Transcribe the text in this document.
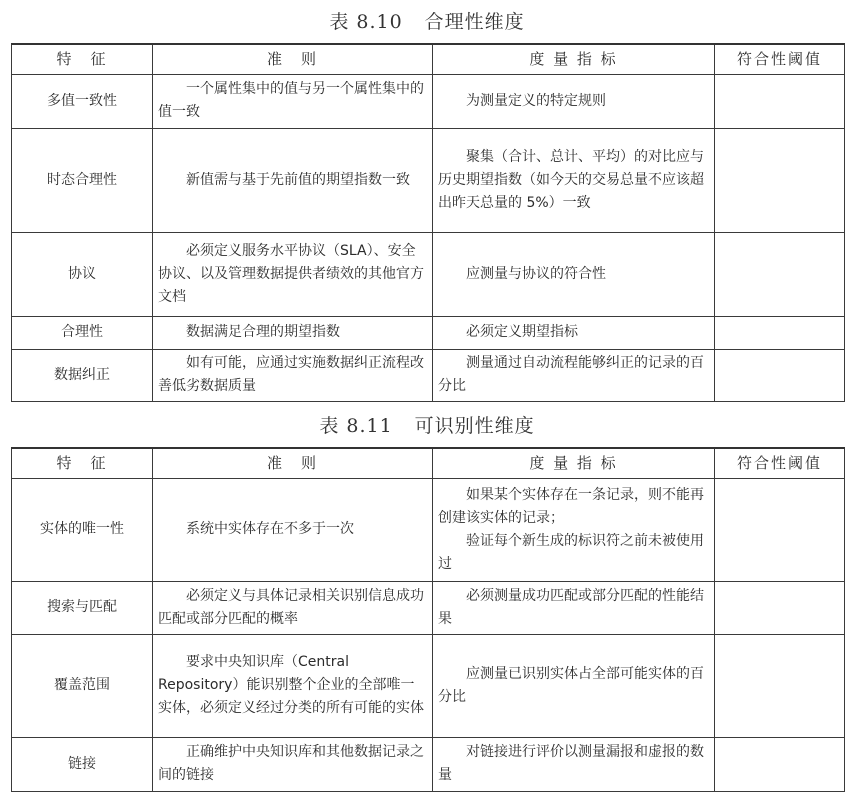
表 8.10 合理性维度
特　征	准　则	度 量 指 标	符合性阈值
多值一致性	一个属性集中的值与另一个属性集中的值一致	为测量定义的特定规则	
时态合理性	新值需与基于先前值的期望指数一致	聚集（合计、总计、平均）的对比应与历史期望指数（如今天的交易总量不应该超出昨天总量的 5%）一致	
协议	必须定义服务水平协议（SLA）、安全协议、以及管理数据提供者绩效的其他官方文档	应测量与协议的符合性	
合理性	数据满足合理的期望指数	必须定义期望指标	
数据纠正	如有可能，应通过实施数据纠正流程改善低劣数据质量	测量通过自动流程能够纠正的记录的百分比	
表 8.11 可识别性维度
特　征	准　则	度 量 指 标	符合性阈值
实体的唯一性	系统中实体存在不多于一次	如果某个实体存在一条记录，则不能再创建该实体的记录；
验证每个新生成的标识符之前未被使用过	

搜索与匹配	必须定义与具体记录相关识别信息成功匹配或部分匹配的概率	必须测量成功匹配或部分匹配的性能结果	
覆盖范围	要求中央知识库（Central Repository）能识别整个企业的全部唯一实体，必须定义经过分类的所有可能的实体	应测量已识别实体占全部可能实体的百分比	
链接	正确维护中央知识库和其他数据记录之间的链接	对链接进行评价以测量漏报和虚报的数量	
